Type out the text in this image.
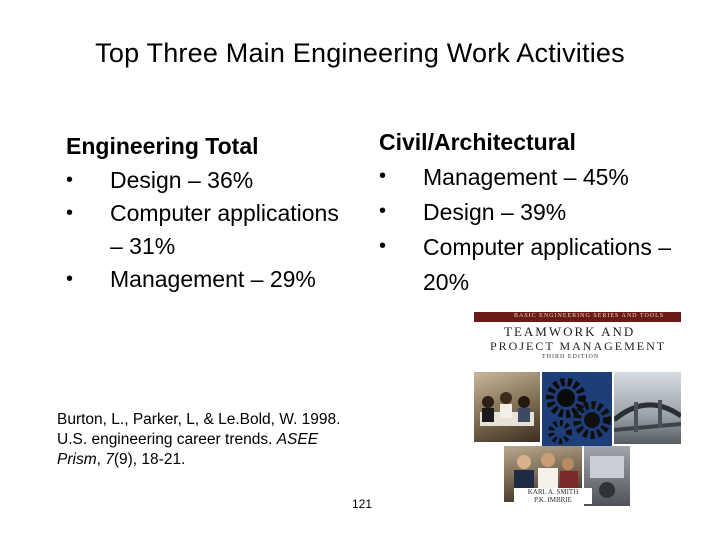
Top Three Main Engineering Work Activities
Engineering Total
•	Design – 36%
•	Computer applications – 31%
•	Management – 29%
Civil/Architectural
•	Management – 45%
•	Design – 39%
•	Computer applications – 20%
Burton, L., Parker, L, & Le.Bold, W. 1998.
U.S. engineering career trends. ASEE
Prism, 7(9), 18-21.
121
BASIC ENGINEERING SERIES AND TOOLS
TEAMWORK AND
PROJECT MANAGEMENT
THIRD EDITION
KARL A. SMITH
P.K. IMBRIE
